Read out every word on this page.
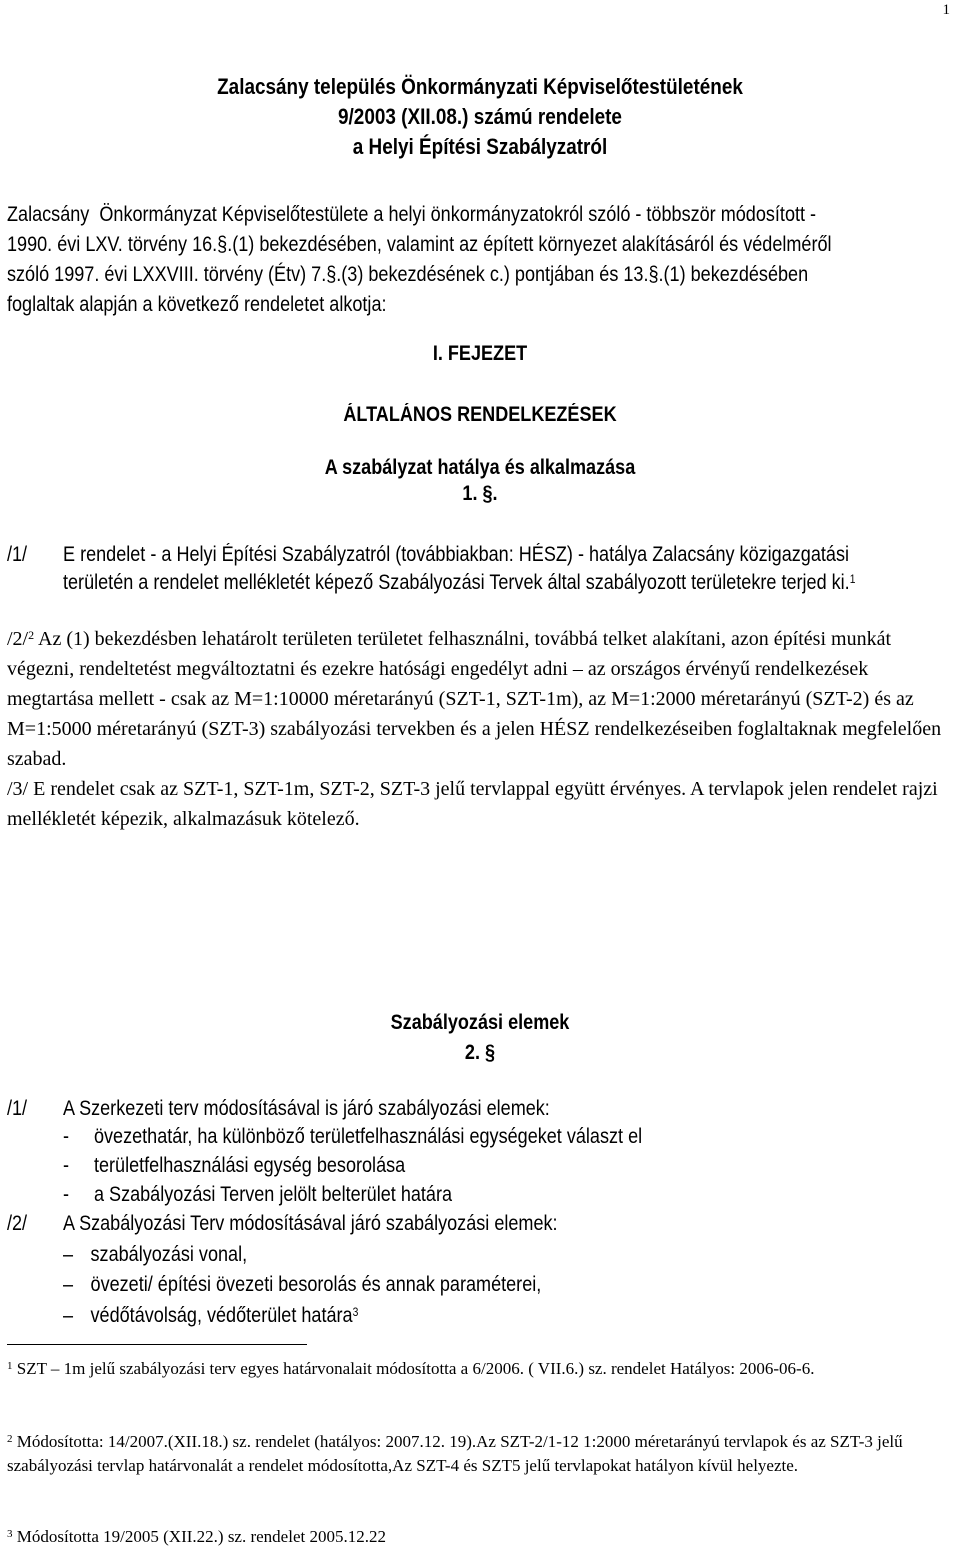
1
Zalacsány település Önkormányzati Képviselőtestületének
9/2003 (XII.08.) számú rendelete
a Helyi Építési Szabályzatról
Zalacsány  Önkormányzat Képviselőtestülete a helyi önkormányzatokról szóló - többször módosított -
1990. évi LXV. törvény 16.§.(1) bekezdésében, valamint az épített környezet alakításáról és védelméről
szóló 1997. évi LXXVIII. törvény (Étv) 7.§.(3) bekezdésének c.) pontjában és 13.§.(1) bekezdésében
foglaltak alapján a következő rendeletet alkotja:
I. FEJEZET
ÁLTALÁNOS RENDELKEZÉSEK
A szabályzat hatálya és alkalmazása
1. §.
/1/ E rendelet - a Helyi Építési Szabályzatról (továbbiakban: HÉSZ) - hatálya Zalacsány közigazgatási
területén a rendelet mellékletét képező Szabályozási Tervek által szabályozott területekre terjed ki.$^1$

/2/$^2$ Az (1) bekezdésben lehatárolt területen területet felhasználni, továbbá telket alakítani, azon építési munkát végezni, rendeltetést megváltoztatni és ezekre hatósági engedélyt adni – az országos érvényű rendelkezések megtartása mellett - csak az M=1:10000 méretarányú (SZT-1, SZT-1m), az M=1:2000 méretarányú (SZT-2) és az M=1:5000 méretarányú (SZT-3) szabályozási tervekben és a jelen HÉSZ rendelkezéseiben foglaltaknak megfelelően szabad.

/3/ E rendelet csak az SZT-1, SZT-1m, SZT-2, SZT-3 jelű tervlappal együtt érvényes. A tervlapok jelen rendelet rajzi mellékletét képezik, alkalmazásuk kötelező.

Szabályozási elemek
2. §
/1/ A Szerkezeti terv módosításával is járó szabályozási elemek:
- övezethatár, ha különböző területfelhasználási egységeket választ el
- területfelhasználási egység besorolása
- a Szabályozási Terven jelölt belterület határa
/2/ A Szabályozási Terv módosításával járó szabályozási elemek:
– szabályozási vonal,
– övezeti/ építési övezeti besorolás és annak paraméterei,
– védőtávolság, védőterület határa$^3$
$^1$ SZT – 1m jelű szabályozási terv egyes határvonalait módosította a 6/2006. ( VII.6.) sz. rendelet Hatályos: 2006-06-6.
$^2$ Módosította: 14/2007.(XII.18.) sz. rendelet (hatályos: 2007.12. 19).Az SZT-2/1-12 1:2000 méretarányú tervlapok és az SZT-3 jelű szabályozási tervlap határvonalát a rendelet módosította,Az SZT-4 és SZT5 jelű tervlapokat hatályon kívül helyezte.
$^3$ Módosította 19/2005 (XII.22.) sz. rendelet 2005.12.22
